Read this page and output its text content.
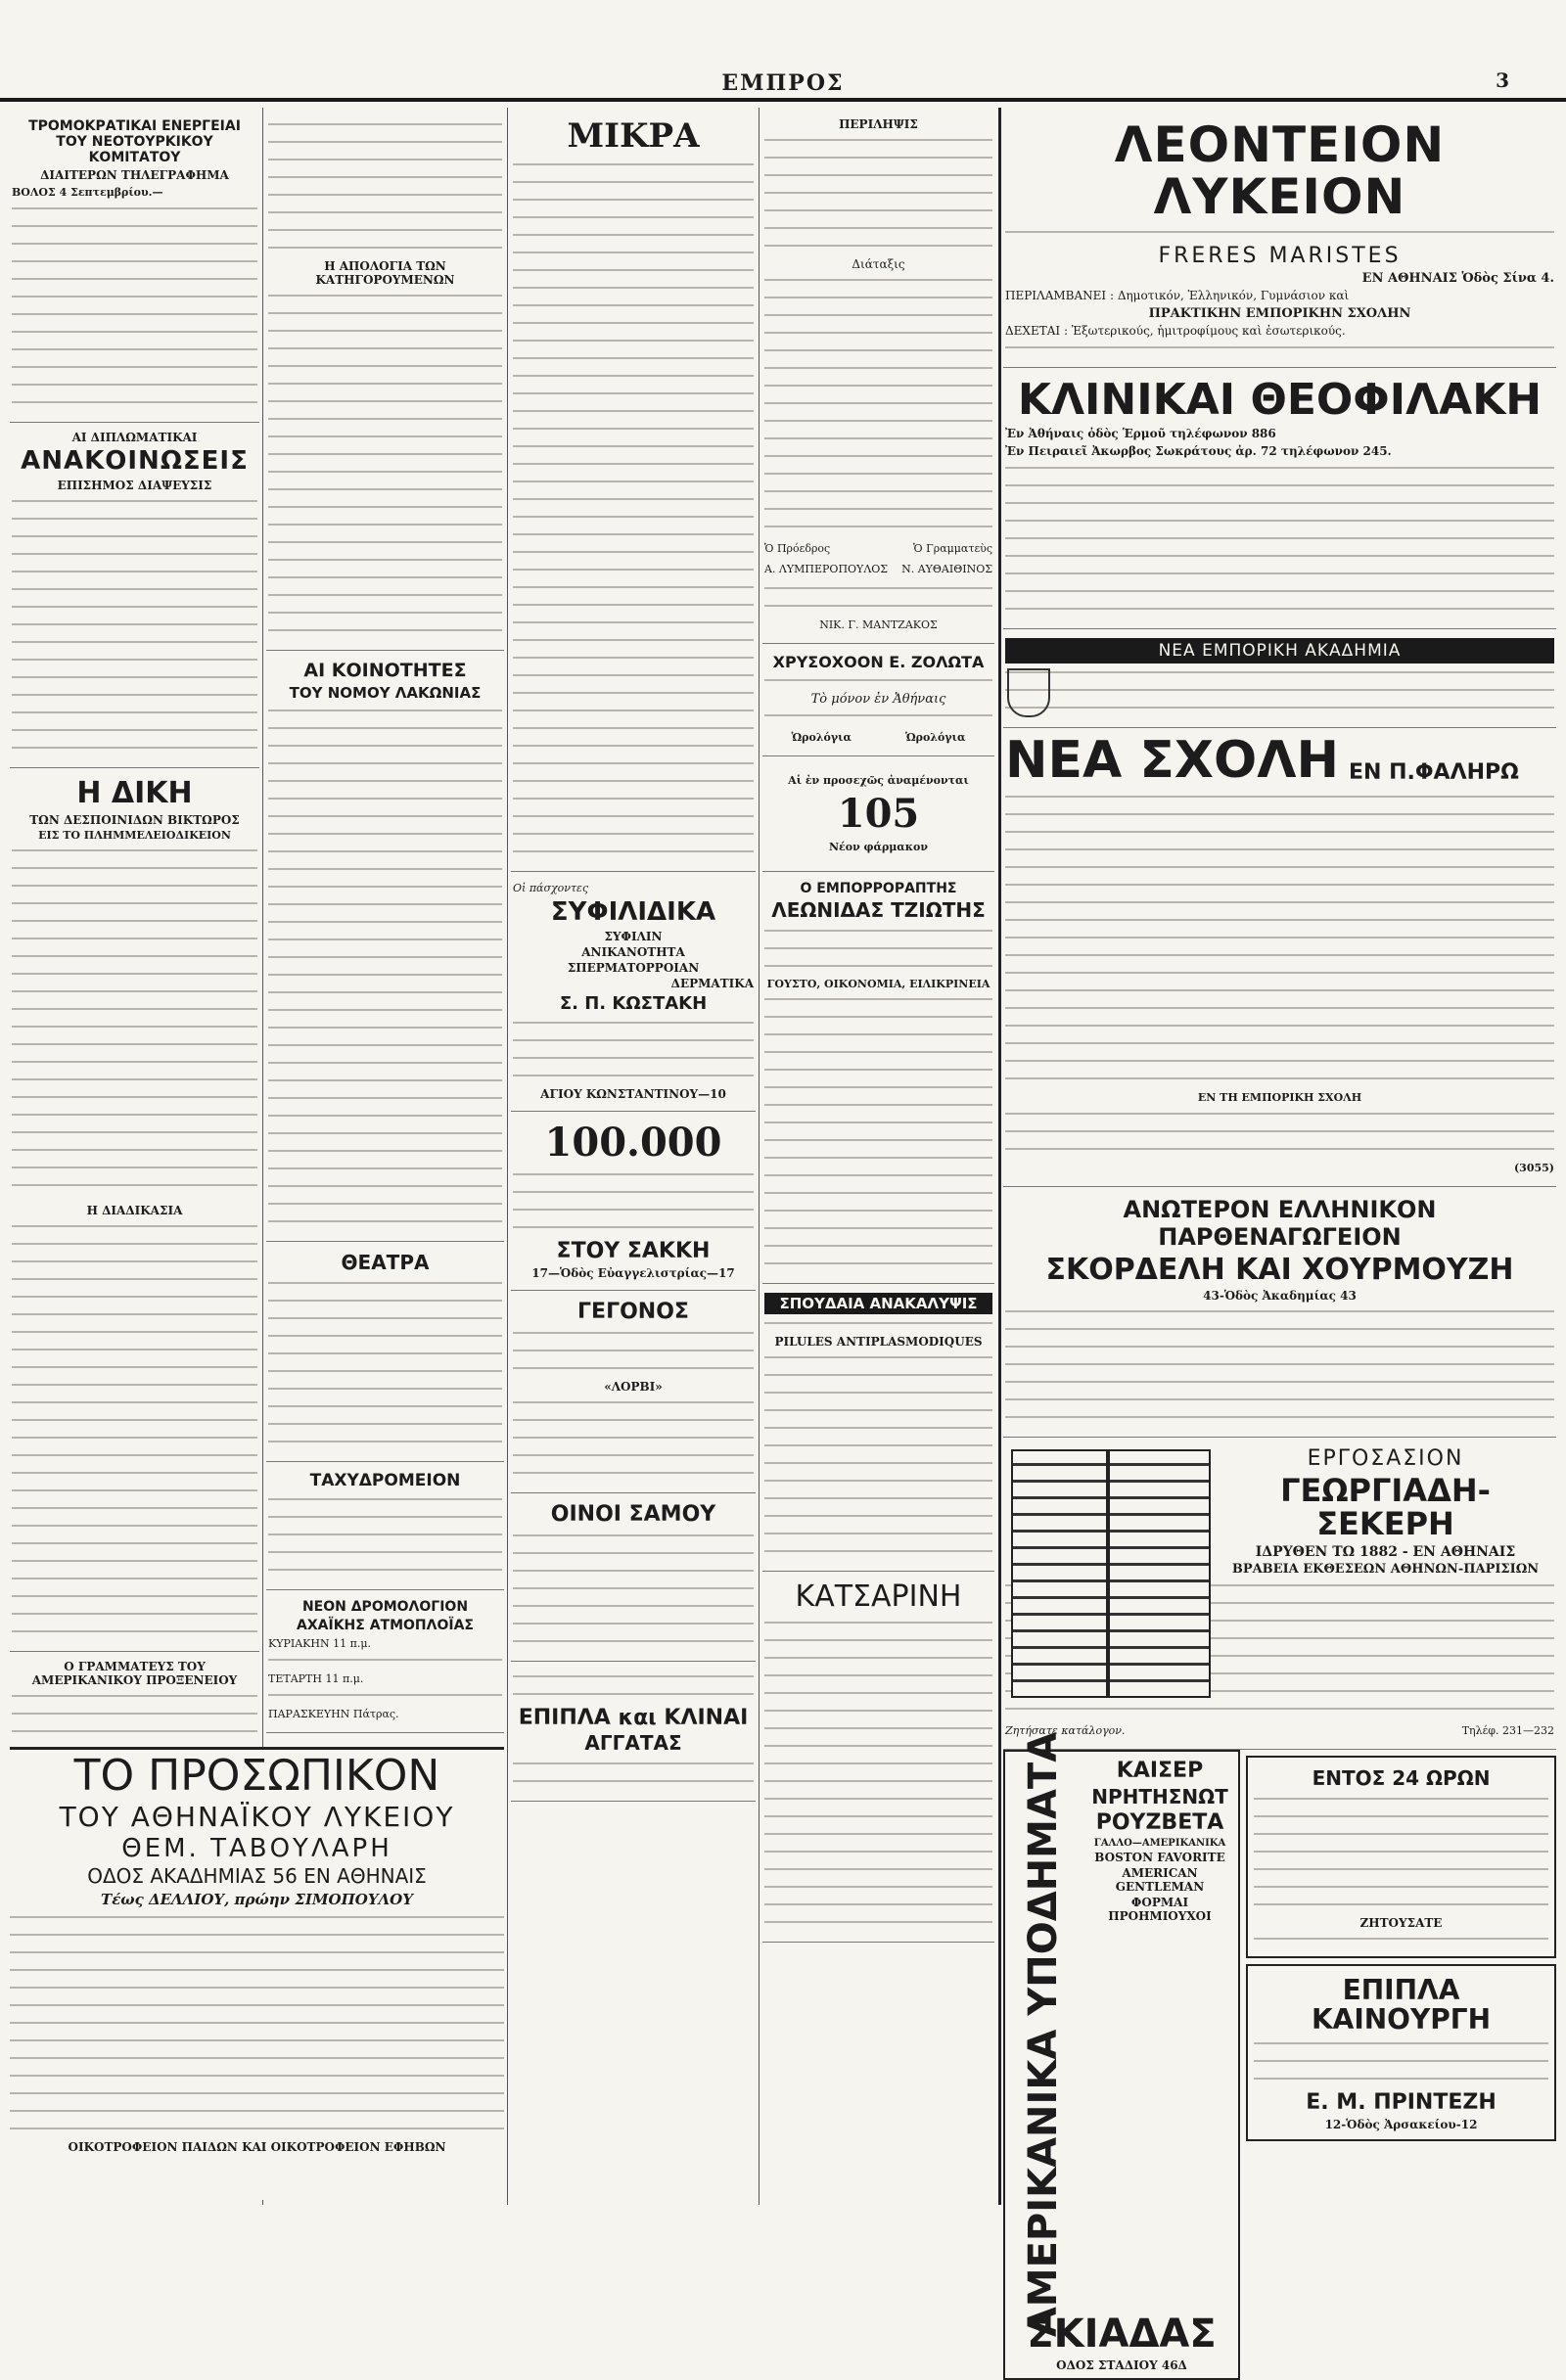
ΕΜΠΡΟΣ	3
ΤΡΟΜΟΚΡΑΤΙΚΑΙ ΕΝΕΡΓΕΙΑΙ ΤΟΥ ΝΕΟΤΟΥΡΚΙΚΟΥ ΚΟΜΙΤΑΤΟΥ
ΔΙΑΙΤΕΡΩΝ ΤΗΛΕΓΡΑΦΗΜΑ
ΒΟΛΟΣ 4 Σεπτεμβρίου.—
ΑΙ ΔΙΠΛΩΜΑΤΙΚΑΙ
ΑΝΑΚΟΙΝΩΣΕΙΣ
ΕΠΙΣΗΜΟΣ ΔΙΑΨΕΥΣΙΣ
Η ΔΙΚΗ
ΤΩΝ ΔΕΣΠΟΙΝΙΔΩΝ ΒΙΚΤΩΡΟΣ
ΕΙΣ ΤΟ ΠΛΗΜΜΕΛΕΙΟΔΙΚΕΙΟΝ
Η ΔΙΑΔΙΚΑΣΙΑ
Ο ΓΡΑΜΜΑΤΕΥΣ ΤΟΥ ΑΜΕΡΙΚΑΝΙΚΟΥ ΠΡΟΞΕΝΕΙΟΥ
Η ΑΠΟΛΟΓΙΑ ΤΩΝ ΚΑΤΗΓΟΡΟΥΜΕΝΩΝ
ΑΙ ΚΟΙΝΟΤΗΤΕΣ
ΤΟΥ ΝΟΜΟΥ ΛΑΚΩΝΙΑΣ
ΘΕΑΤΡΑ
ΤΑΧΥΔΡΟΜΕΙΟΝ
ΝΕΟΝ ΔΡΟΜΟΛΟΓΙΟΝ
ΑΧΑΪΚΗΣ ΑΤΜΟΠΛΟΪΑΣ
ΚΥΡΙΑΚΗΝ 11 π.μ.
ΤΕΤΑΡΤΗ 11 π.μ.
ΠΑΡΑΣΚΕΥΗΝ Πάτρας.
ΜΙΚΡΑ
Οἱ πάσχοντες
ΣΥΦΙΛΙΔΙΚΑ
ΣΥΦΙΛΙΝ
ΑΝΙΚΑΝΟΤΗΤΑ
ΣΠΕΡΜΑΤΟΡΡΟΙΑΝ
ΔΕΡΜΑΤΙΚΑ
Σ. Π. ΚΩΣΤΑΚΗ
ΑΓΙΟΥ ΚΩΝΣΤΑΝΤΙΝΟΥ—10
100.000
ΣΤΟΥ ΣΑΚΚΗ
17—Ὁδὸς Εὐαγγελιστρίας—17
ΓΕΓΟΝΟΣ
«ΛΟΡΒΙ»
ΟΙΝΟΙ ΣΑΜΟΥ
ΕΠΙΠΛΑ και ΚΛΙΝΑΙ
ΑΓΓΑΤΑΣ
ΠΕΡΙΛΗΨΙΣ
Διάταξις
Ὁ Πρόεδρος	Ὁ Γραμματεὺς
Α. ΛΥΜΠΕΡΟΠΟΥΛΟΣ Ν. ΑΥΘΑΙΘΙΝΟΣ
ΝΙΚ. Γ. ΜΑΝΤΖΑΚΟΣ
ΧΡΥΣΟΧΟΟΝ Ε. ΖΟΛΩΤΑ
Τὸ μόνον ἐν Ἀθήναις
Ὡρολόγια	Ὡρολόγια
Αἱ ἐν προσεχῶς ἀναμένονται
105
Νέον φάρμακον
Ο ΕΜΠΟΡΡΟΡΑΠΤΗΣ
ΛΕΩΝΙΔΑΣ ΤΖΙΩΤΗΣ
ΓΟΥΣΤΟ, ΟΙΚΟΝΟΜΙΑ, ΕΙΛΙΚΡΙΝΕΙΑ
ΣΠΟΥΔΑΙΑ ΑΝΑΚΑΛΥΨΙΣ
PILULES ANTIPLASMODIQUES
ΚΑΤΣΑΡΙΝΗ
ΛΕΟΝΤΕΙΟΝ ΛΥΚΕΙΟΝ
FRERES MARISTES
ΕΝ ΑΘΗΝΑΙΣ Ὁδὸς Σίνα 4.
ΠΕΡΙΛΑΜΒΑΝΕΙ : Δημοτικόν, Ἑλληνικόν, Γυμνάσιον καὶ
ΠΡΑΚΤΙΚΗΝ ΕΜΠΟΡΙΚΗΝ ΣΧΟΛΗΝ
ΔΕΧΕΤΑΙ : Ἐξωτερικούς, ἡμιτροφίμους καὶ ἐσωτερικούς.
ΚΛΙΝΙΚΑΙ ΘΕΟΦΙΛΑΚΗ
Ἐν Ἀθήναις ὁδὸς Ἑρμοῦ τηλέφωνον 886
Ἐν Πειραιεῖ Ἀκωρβος Σωκράτους ἀρ. 72 τηλέφωνον 245.
ΝΕΑ ΕΜΠΟΡΙΚΗ ΑΚΑΔΗΜΙΑ
ΝΕΑ ΣΧΟΛΗ ΕΝ Π.ΦΑΛΗΡΩ
ΕΝ ΤΗ ΕΜΠΟΡΙΚΗ ΣΧΟΛΗ
(3055)
ΑΝΩΤΕΡΟΝ ΕΛΛΗΝΙΚΟΝ ΠΑΡΘΕΝΑΓΩΓΕΙΟΝ
ΣΚΟΡΔΕΛΗ ΚΑΙ ΧΟΥΡΜΟΥΖΗ
43-Ὁδὸς Ἀκαδημίας 43
ΕΡΓΟΣΑΣΙΟΝ
ΓΕΩΡΓΙΑΔΗ-ΣΕΚΕΡΗ
ΙΔΡΥΘΕΝ ΤΩ 1882 - ΕΝ ΑΘΗΝΑΙΣ
ΒΡΑΒΕΙΑ ΕΚΘΕΣΕΩΝ ΑΘΗΝΩΝ-ΠΑΡΙΣΙΩΝ
Ζητήσατε κατάλογον.	Τηλέφ. 231—232
ΑΜΕΡΙΚΑΝΙΚΑ ΥΠΟΔΗΜΑΤΑ	ΚΑΙΣΕΡ
ΝΡΗΤΗΣΝΩΤ
ΡΟΥΖΒΕΤΑ
ΓΑΛΛΟ—ΑΜΕΡΙΚΑΝΙΚΑ
BOSTON FAVORITE
AMERICAN GENTLEMAN
ΦΟΡΜΑΙ ΠΡΟΗΜΙΟΥΧΟΙ
ΣΚΙΑΔΑΣ
ΟΔΟΣ ΣΤΑΔΙΟΥ 46Δ
ΕΝΤΟΣ 24 ΩΡΩΝ
ΖΗΤΟΥΣΑΤΕ
ΕΠΙΠΛΑ ΚΑΙΝΟΥΡΓΗ
Ε. Μ. ΠΡΙΝΤΕΖΗ
12-Ὁδὸς Ἀρσακείου-12
ΤΟ ΠΡΟΣΩΠΙΚΟΝ
ΤΟΥ ΑΘΗΝΑΪΚΟΥ ΛΥΚΕΙΟΥ
ΘΕΜ. ΤΑΒΟΥΛΑΡΗ
ΟΔΟΣ ΑΚΑΔΗΜΙΑΣ 56 ΕΝ ΑΘΗΝΑΙΣ
Τέως ΔΕΛΛΙΟΥ, πρώην ΣΙΜΟΠΟΥΛΟΥ
ΟΙΚΟΤΡΟΦΕΙΟΝ ΠΑΙΔΩΝ ΚΑΙ ΟΙΚΟΤΡΟΦΕΙΟΝ ΕΦΗΒΩΝ
